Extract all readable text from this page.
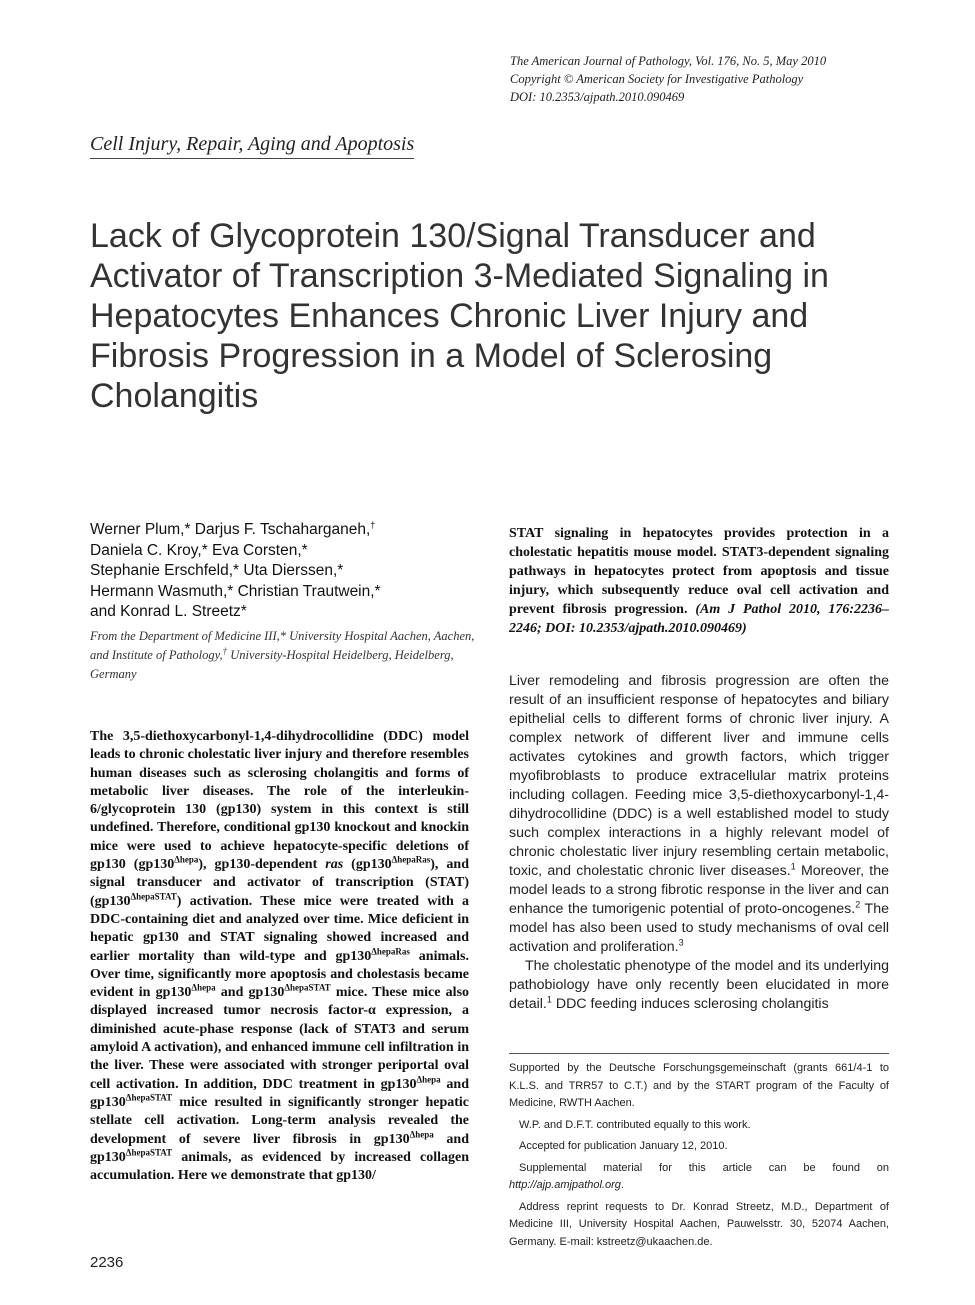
The American Journal of Pathology, Vol. 176, No. 5, May 2010
Copyright © American Society for Investigative Pathology
DOI: 10.2353/ajpath.2010.090469
Cell Injury, Repair, Aging and Apoptosis
Lack of Glycoprotein 130/Signal Transducer and Activator of Transcription 3-Mediated Signaling in Hepatocytes Enhances Chronic Liver Injury and Fibrosis Progression in a Model of Sclerosing Cholangitis
Werner Plum,* Darjus F. Tschaharganeh,†
Daniela C. Kroy,* Eva Corsten,*
Stephanie Erschfeld,* Uta Dierssen,*
Hermann Wasmuth,* Christian Trautwein,*
and Konrad L. Streetz*
From the Department of Medicine III,* University Hospital Aachen, Aachen, and Institute of Pathology,† University-Hospital Heidelberg, Heidelberg, Germany
The 3,5-diethoxycarbonyl-1,4-dihydrocollidine (DDC) model leads to chronic cholestatic liver injury and therefore resembles human diseases such as sclerosing cholangitis and forms of metabolic liver diseases. The role of the interleukin-6/glycoprotein 130 (gp130) system in this context is still undefined. Therefore, conditional gp130 knockout and knockin mice were used to achieve hepatocyte-specific deletions of gp130 $(gp130^{\Delta hepa})$, gp130-dependent ras $(gp130^{\Delta hepaRas})$, and signal transducer and activator of transcription (STAT) $(gp130^{\Delta hepaSTAT})$ activation. These mice were treated with a DDC-containing diet and analyzed over time. Mice deficient in hepatic gp130 and STAT signaling showed increased and earlier mortality than wild-type and $gp130^{\Delta hepaRas}$ animals. Over time, significantly more apoptosis and cholestasis became evident in $gp130^{\Delta hepa}$ and $gp130^{\Delta hepaSTAT}$ mice. These mice also displayed increased tumor necrosis factor-α expression, a diminished acute-phase response (lack of STAT3 and serum amyloid A activation), and enhanced immune cell infiltration in the liver. These were associated with stronger periportal oval cell activation. In addition, DDC treatment in $gp130^{\Delta hepa}$ and $gp130^{\Delta hepaSTAT}$ mice resulted in significantly stronger hepatic stellate cell activation. Long-term analysis revealed the development of severe liver fibrosis in $gp130^{\Delta hepa}$ and $gp130^{\Delta hepaSTAT}$ animals, as evidenced by increased collagen accumulation. Here we demonstrate that gp130/
STAT signaling in hepatocytes provides protection in a cholestatic hepatitis mouse model. STAT3-dependent signaling pathways in hepatocytes protect from apoptosis and tissue injury, which subsequently reduce oval cell activation and prevent fibrosis progression. (Am J Pathol 2010, 176:2236–2246; DOI: 10.2353/ajpath.2010.090469)

Liver remodeling and fibrosis progression are often the result of an insufficient response of hepatocytes and biliary epithelial cells to different forms of chronic liver injury. A complex network of different liver and immune cells activates cytokines and growth factors, which trigger myofibroblasts to produce extracellular matrix proteins including collagen. Feeding mice 3,5-diethoxycarbonyl-1,4-dihydrocollidine (DDC) is a well established model to study such complex interactions in a highly relevant model of chronic cholestatic liver injury resembling certain metabolic, toxic, and cholestatic chronic liver diseases.$^1$ Moreover, the model leads to a strong fibrotic response in the liver and can enhance the tumorigenic potential of proto-oncogenes.$^2$ The model has also been used to study mechanisms of oval cell activation and proliferation.$^3$

The cholestatic phenotype of the model and its underlying pathobiology have only recently been elucidated in more detail.$^1$ DDC feeding induces sclerosing cholangitis

Supported by the Deutsche Forschungsgemeinschaft (grants 661/4-1 to K.L.S. and TRR57 to C.T.) and by the START program of the Faculty of Medicine, RWTH Aachen.

W.P. and D.F.T. contributed equally to this work.

Accepted for publication January 12, 2010.

Supplemental material for this article can be found on http://ajp.amjpathol.org.

Address reprint requests to Dr. Konrad Streetz, M.D., Department of Medicine III, University Hospital Aachen, Pauwelsstr. 30, 52074 Aachen, Germany. E-mail: kstreetz@ukaachen.de.

2236
